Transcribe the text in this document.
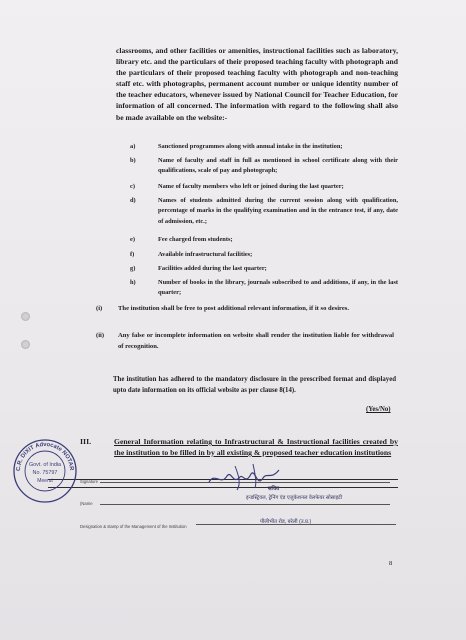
classrooms, and other facilities or amenities, instructional facilities such as laboratory, library etc. and the particulars of their proposed teaching faculty with photograph and the particulars of their proposed teaching faculty with photograph and non-teaching staff etc. with photographs, permanent account number or unique identity number of the teacher educators, whenever issued by National Council for Teacher Education, for information of all concerned. The information with regard to the following shall also be made available on the website:-
a)	Sanctioned programmes along with annual intake in the institution;
b)	Name of faculty and staff in full as mentioned in school certificate along with their qualifications, scale of pay and photograph;
c)	Name of faculty members who left or joined during the last quarter;
d)	Names of students admitted during the current session along with qualification, percentage of marks in the qualifying examination and in the entrance test, if any, date of admission, etc.;
e)	Fee charged from students;
f)	Available infrastructural facilities;
g)	Facilities added during the last quarter;
h)	Number of books in the library, journals subscribed to and additions, if any, in the last quarter;
(i) The institution shall be free to post additional relevant information, if it so desires.
(ii) Any false or incomplete information on website shall render the institution liable for withdrawal of recognition.
The institution has adhered to the mandatory disclosure in the prescribed format and displayed upto date information on its official website as per clause 8(14).
(Yes/No)
III.	General Information relating to Infrastructural & Instructional facilities created by the institution to be filled in by all existing & proposed teacher education institutions
Signature
(Name
Designation & stamp of the Management of the Institution
सचिव
इन्डस्ट्रियल, ट्रेनिंग एंड एजुकेशनल वेलफेयर सोसाइटी
पीलीभीत रोड, बरेली (उ.प्र.)
C.R. DIXIT Advocate NOTAR
Govt. of India
No. 75797
Meerut
8
